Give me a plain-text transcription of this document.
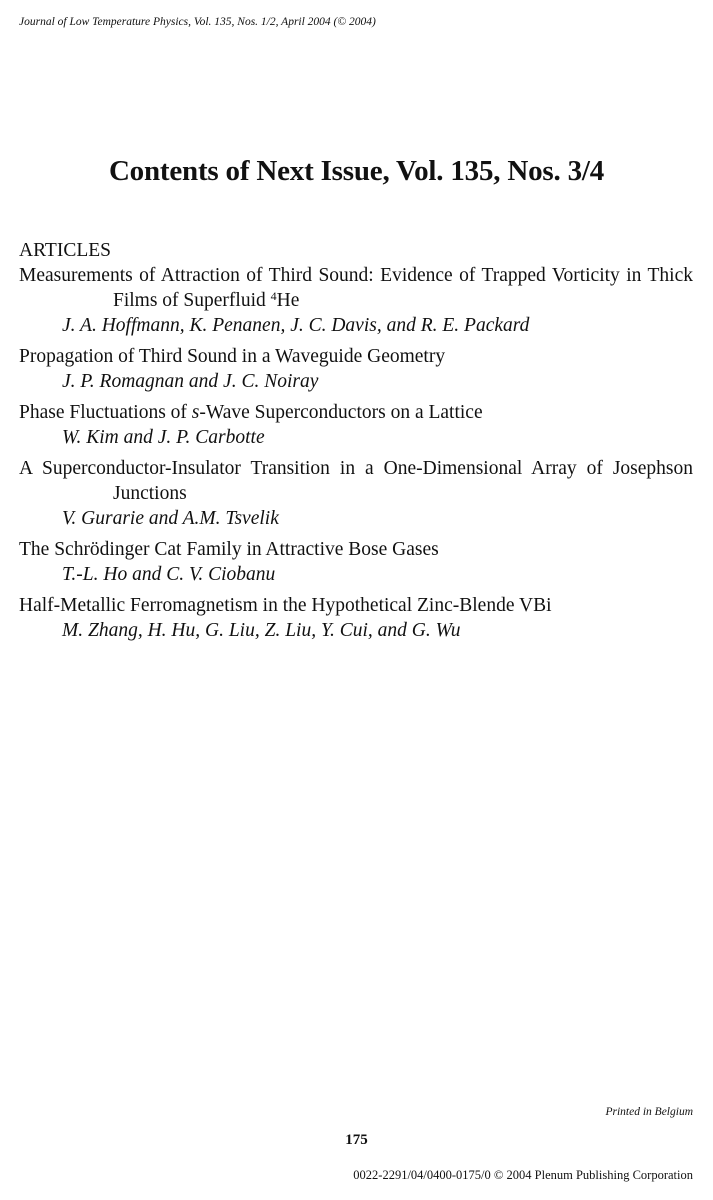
Journal of Low Temperature Physics, Vol. 135, Nos. 1/2, April 2004 (© 2004)
Contents of Next Issue, Vol. 135, Nos. 3/4
ARTICLES
Measurements of Attraction of Third Sound: Evidence of Trapped Vorticity in Thick Films of Superfluid $^4$He
J. A. Hoffmann, K. Penanen, J. C. Davis, and R. E. Packard
Propagation of Third Sound in a Waveguide Geometry
J. P. Romagnan and J. C. Noiray
Phase Fluctuations of s-Wave Superconductors on a Lattice
W. Kim and J. P. Carbotte
A Superconductor-Insulator Transition in a One-Dimensional Array of Josephson Junctions
V. Gurarie and A.M. Tsvelik
The Schrödinger Cat Family in Attractive Bose Gases
T.-L. Ho and C. V. Ciobanu
Half-Metallic Ferromagnetism in the Hypothetical Zinc-Blende VBi
M. Zhang, H. Hu, G. Liu, Z. Liu, Y. Cui, and G. Wu
Printed in Belgium
175
0022-2291/04/0400-0175/0 © 2004 Plenum Publishing Corporation
